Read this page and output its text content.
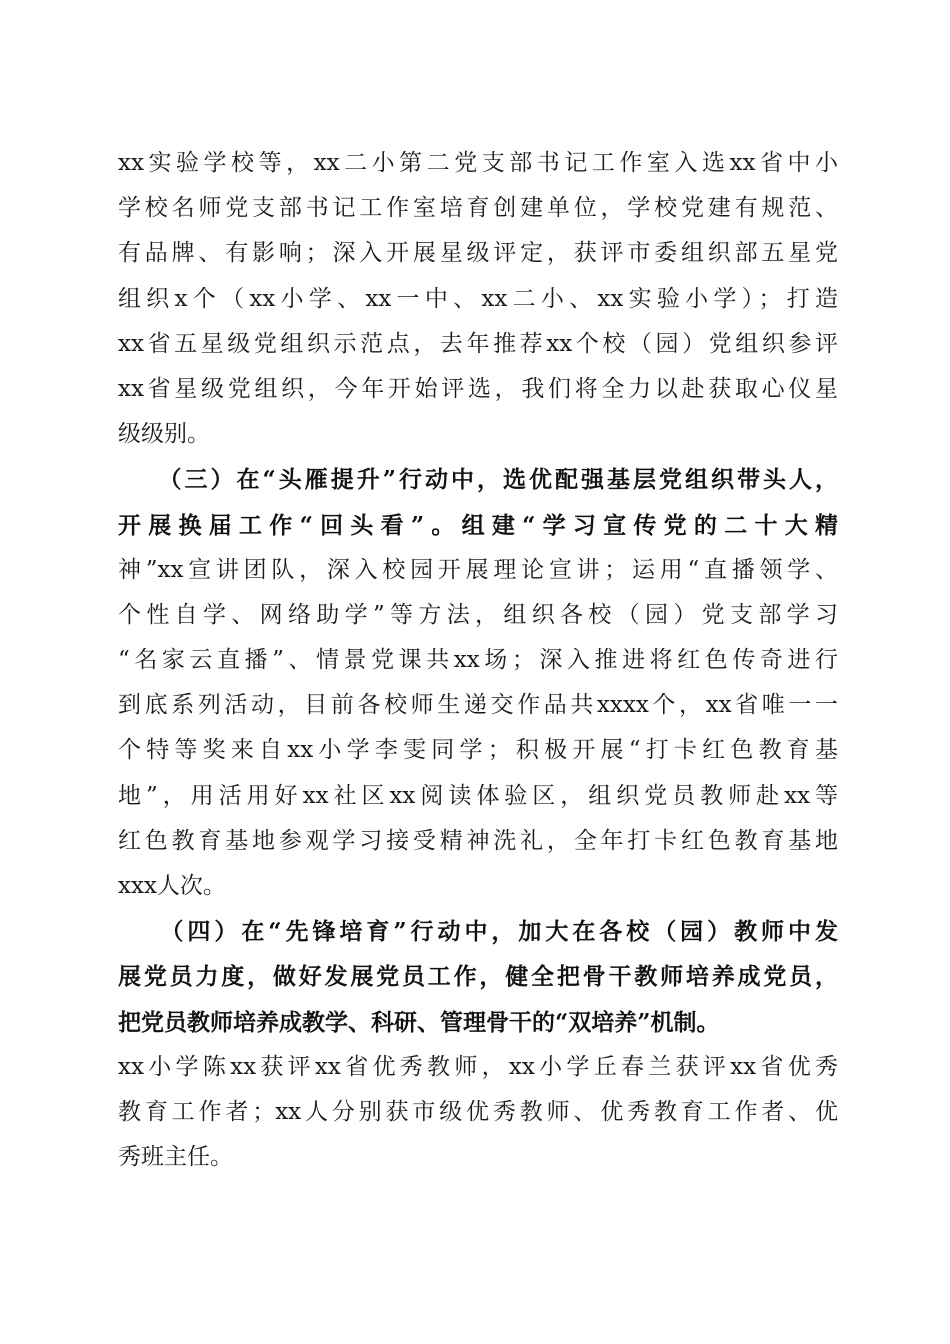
xx实验学校等，xx二小第二党支部书记工作室入选xx省中小
学校名师党支部书记工作室培育创建单位，学校党建有规范、
有品牌、有影响；深入开展星级评定，获评市委组织部五星党
组织x个（xx小学、xx一中、xx二小、xx实验小学）；打造
xx省五星级党组织示范点，去年推荐xx个校（园）党组织参评
xx省星级党组织，今年开始评选，我们将全力以赴获取心仪星
级级别。
　　（三）在“头雁提升”行动中，选优配强基层党组织带头人，
开展换届工作“回头看”。组建“学习宣传党的二十大精
神”xx宣讲团队，深入校园开展理论宣讲；运用“直播领学、
个性自学、网络助学”等方法，组织各校（园）党支部学习
“名家云直播”、情景党课共xx场；深入推进将红色传奇进行
到底系列活动，目前各校师生递交作品共xxxx个，xx省唯一一
个特等奖来自xx小学李雯同学；积极开展“打卡红色教育基
地”，用活用好xx社区xx阅读体验区，组织党员教师赴xx等
红色教育基地参观学习接受精神洗礼，全年打卡红色教育基地
xxx人次。
　　（四）在“先锋培育”行动中，加大在各校（园）教师中发
展党员力度，做好发展党员工作，健全把骨干教师培养成党员，
把党员教师培养成教学、科研、管理骨干的“双培养”机制。
xx小学陈xx获评xx省优秀教师，xx小学丘春兰获评xx省优秀
教育工作者；xx人分别获市级优秀教师、优秀教育工作者、优
秀班主任。
